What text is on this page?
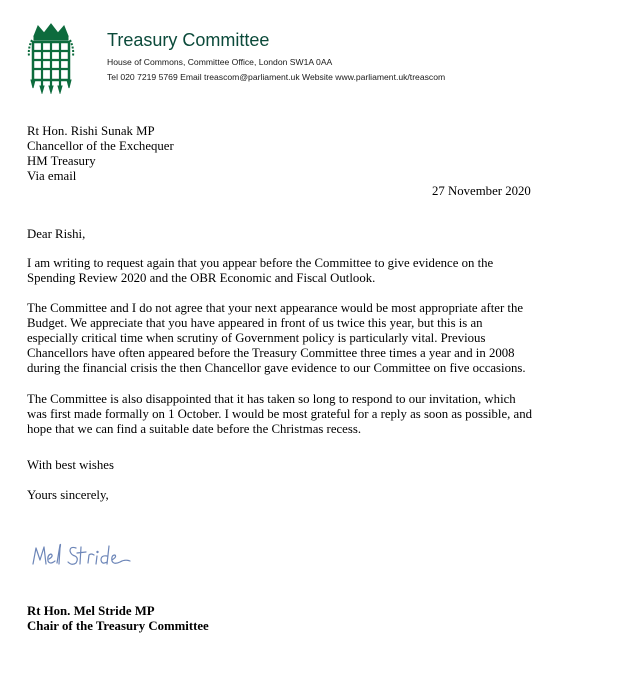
Treasury Committee
House of Commons, Committee Office, London SW1A 0AA
Tel 020 7219 5769 Email treascom@parliament.uk Website www.parliament.uk/treascom
Rt Hon. Rishi Sunak MP
Chancellor of the Exchequer
HM Treasury
Via email
27 November 2020
Dear Rishi,
I am writing to request again that you appear before the Committee to give evidence on the
Spending Review 2020 and the OBR Economic and Fiscal Outlook.
The Committee and I do not agree that your next appearance would be most appropriate after the
Budget. We appreciate that you have appeared in front of us twice this year, but this is an
especially critical time when scrutiny of Government policy is particularly vital. Previous
Chancellors have often appeared before the Treasury Committee three times a year and in 2008
during the financial crisis the then Chancellor gave evidence to our Committee on five occasions.
The Committee is also disappointed that it has taken so long to respond to our invitation, which
was first made formally on 1 October. I would be most grateful for a reply as soon as possible, and
hope that we can find a suitable date before the Christmas recess.
With best wishes
Yours sincerely,
Rt Hon. Mel Stride MP
Chair of the Treasury Committee
